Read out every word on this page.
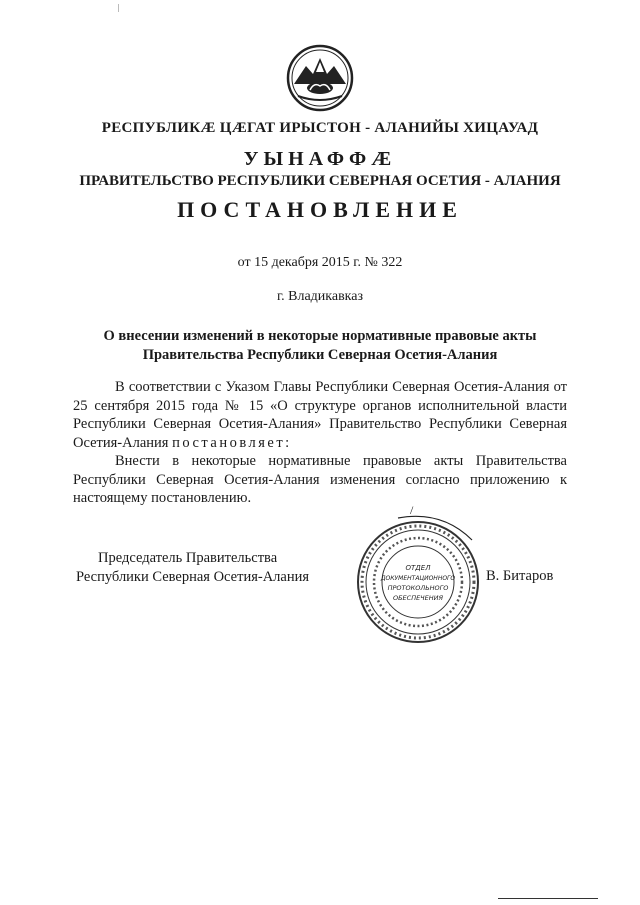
РЕСПУБЛИКӔ ЦӔГАТ ИРЫСТОН - АЛАНИЙЫ ХИЦАУАД
УЫНАФФӔ
ПРАВИТЕЛЬСТВО РЕСПУБЛИКИ СЕВЕРНАЯ ОСЕТИЯ - АЛАНИЯ
ПОСТАНОВЛЕНИЕ
от 15 декабря 2015 г. № 322
г. Владикавказ
О внесении изменений в некоторые нормативные правовые акты
Правительства Республики Северная Осетия-Алания

В соответствии с Указом Главы Республики Северная Осетия-Алания от 25 сентября 2015 года № 15 «О структуре органов исполнительной власти Республики Северная Осетия-Алания» Правительство Республики Северная Осетия-Алания постановляет:

Внести в некоторые нормативные правовые акты Правительства Республики Северная Осетия-Алания изменения согласно приложению к настоящему постановлению.

/
Председатель Правительства
Республики Северная Осетия-Алания
ОТДЕЛ
ДОКУМЕНТАЦИОННОГО
ПРОТОКОЛЬНОГО
ОБЕСПЕЧЕНИЯ
В. Битаров
